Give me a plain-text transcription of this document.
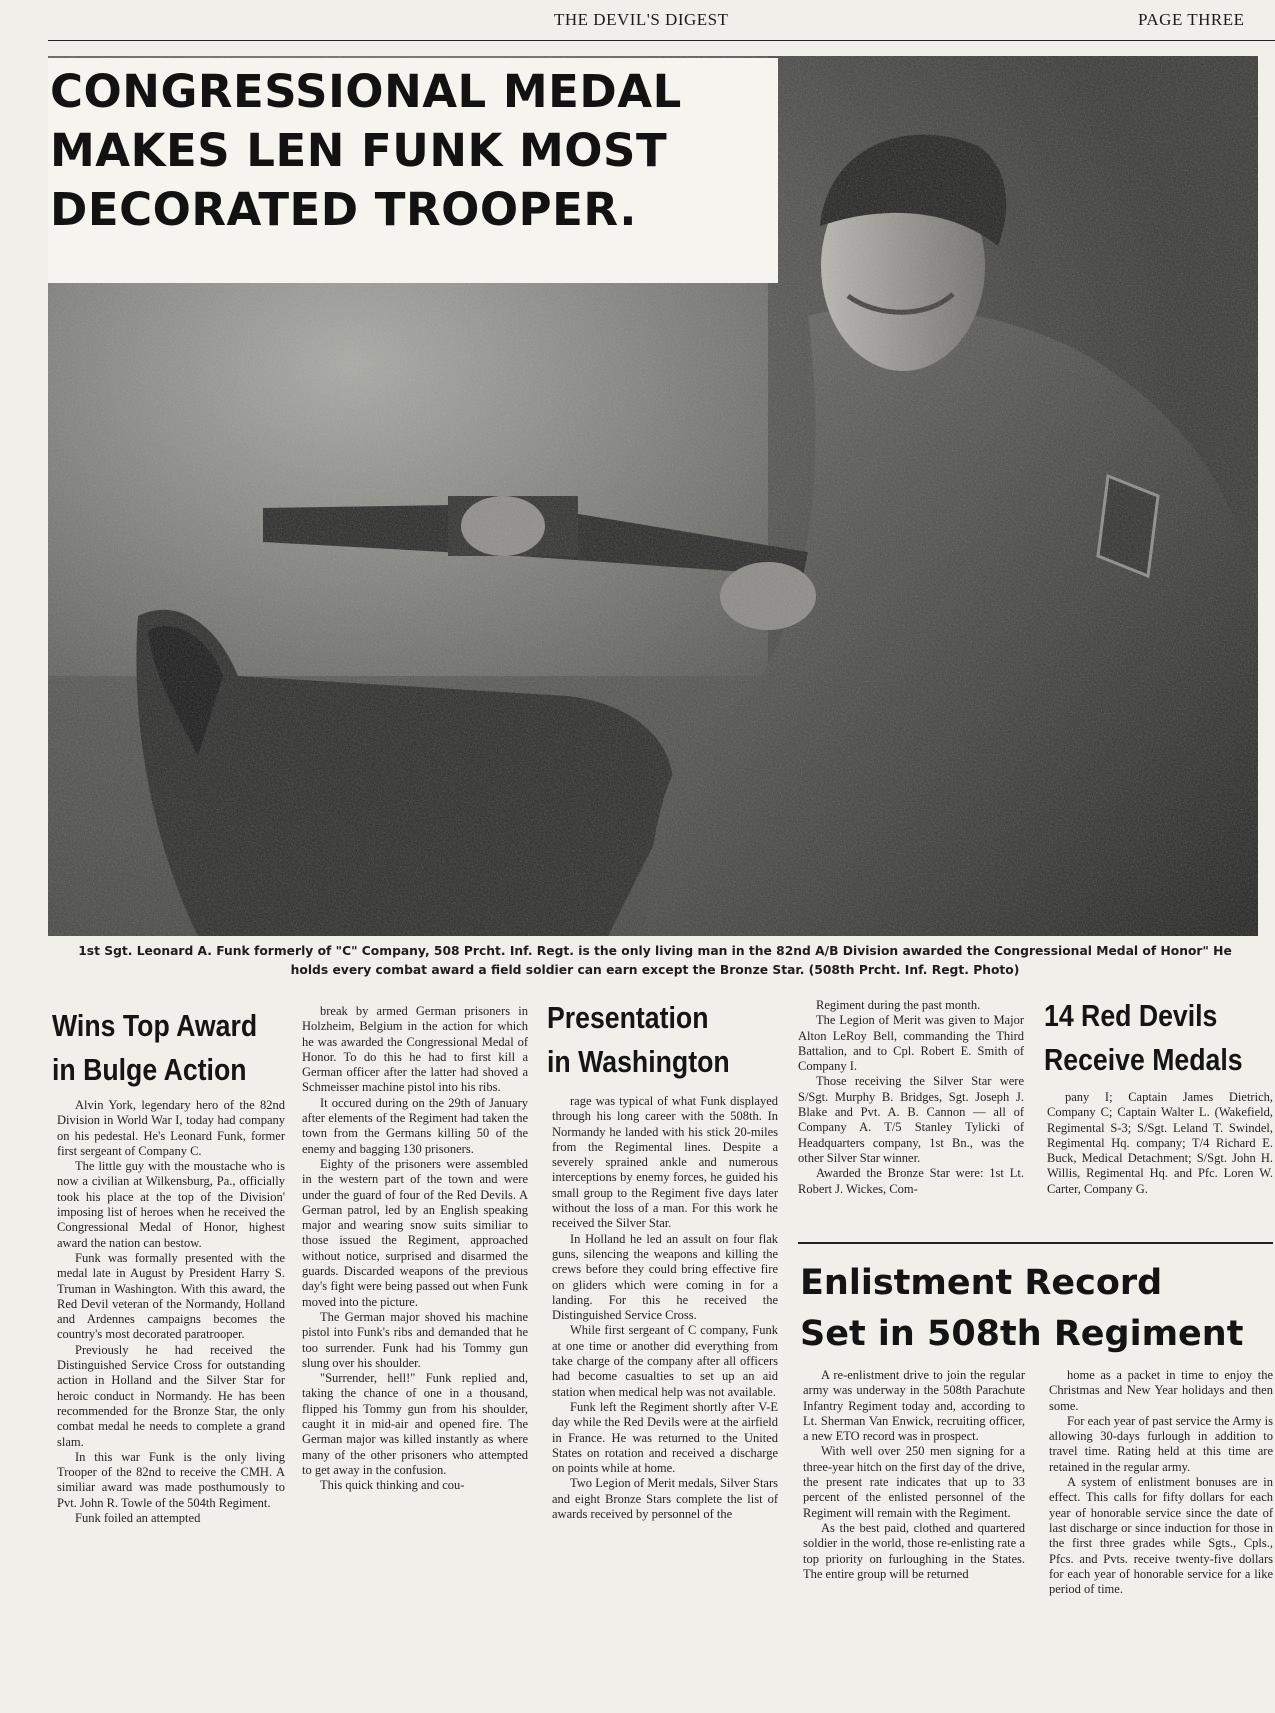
THE DEVIL'S DIGEST	PAGE THREE
CONGRESSIONAL MEDAL
MAKES LEN FUNK MOST
DECORATED TROOPER.
1st Sgt. Leonard A. Funk formerly of "C" Company, 508 Prcht. Inf. Regt. is the only living man in the 82nd A/B Division awarded the Congressional Medal of Honor" He holds every combat award a field soldier can earn except the Bronze Star. (508th Prcht. Inf. Regt. Photo)
Wins Top Award
in Bulge Action

Alvin York, legendary hero of the 82nd Division in World War I, today had company on his pedestal. He's Leonard Funk, former first sergeant of Company C.

The little guy with the moustache who is now a civilian at Wilkensburg, Pa., officially took his place at the top of the Division' imposing list of heroes when he received the Congressional Medal of Honor, highest award the nation can bestow.

Funk was formally presented with the medal late in August by President Harry S. Truman in Washington. With this award, the Red Devil veteran of the Normandy, Holland and Ardennes campaigns becomes the country's most decorated paratrooper.

Previously he had received the Distinguished Service Cross for outstanding action in Holland and the Silver Star for heroic conduct in Normandy. He has been recommended for the Bronze Star, the only combat medal he needs to complete a grand slam.

In this war Funk is the only living Trooper of the 82nd to receive the CMH. A similiar award was made posthumously to Pvt. John R. Towle of the 504th Regiment.

Funk foiled an attempted

break by armed German prisoners in Holzheim, Belgium in the action for which he was awarded the Congressional Medal of Honor. To do this he had to first kill a German officer after the latter had shoved a Schmeisser machine pistol into his ribs.

It occured during on the 29th of January after elements of the Regiment had taken the town from the Germans killing 50 of the enemy and bagging 130 prisoners.

Eighty of the prisoners were assembled in the western part of the town and were under the guard of four of the Red Devils. A German patrol, led by an English speaking major and wearing snow suits similiar to those issued the Regiment, approached without notice, surprised and disarmed the guards. Discarded weapons of the previous day's fight were being passed out when Funk moved into the picture.

The German major shoved his machine pistol into Funk's ribs and demanded that he too surrender. Funk had his Tommy gun slung over his shoulder.

"Surrender, hell!" Funk replied and, taking the chance of one in a thousand, flipped his Tommy gun from his shoulder, caught it in mid-air and opened fire. The German major was killed instantly as where many of the other prisoners who attempted to get away in the confusion.

This quick thinking and cou-

Presentation
in Washington

rage was typical of what Funk displayed through his long career with the 508th. In Normandy he landed with his stick 20-miles from the Regimental lines. Despite a severely sprained ankle and numerous interceptions by enemy forces, he guided his small group to the Regiment five days later without the loss of a man. For this work he received the Silver Star.

In Holland he led an assult on four flak guns, silencing the weapons and killing the crews before they could bring effective fire on gliders which were coming in for a landing. For this he received the Distinguished Service Cross.

While first sergeant of C company, Funk at one time or another did everything from take charge of the company after all officers had become casualties to set up an aid station when medical help was not available.

Funk left the Regiment shortly after V-E day while the Red Devils were at the airfield in France. He was returned to the United States on rotation and received a discharge on points while at home.

Two Legion of Merit medals, Silver Stars and eight Bronze Stars complete the list of awards received by personnel of the

Regiment during the past month.

The Legion of Merit was given to Major Alton LeRoy Bell, commanding the Third Battalion, and to Cpl. Robert E. Smith of Company I.

Those receiving the Silver Star were S/Sgt. Murphy B. Bridges, Sgt. Joseph J. Blake and Pvt. A. B. Cannon — all of Company A. T/5 Stanley Tylicki of Headquarters company, 1st Bn., was the other Silver Star winner.

Awarded the Bronze Star were: 1st Lt. Robert J. Wickes, Com-

14 Red Devils
Receive Medals

pany I; Captain James Dietrich, Company C; Captain Walter L. (Wakefield, Regimental S-3; S/Sgt. Leland T. Swindel, Regimental Hq. company; T/4 Richard E. Buck, Medical Detachment; S/Sgt. John H. Willis, Regimental Hq. and Pfc. Loren W. Carter, Company G.

Enlistment Record
Set in 508th Regiment

A re-enlistment drive to join the regular army was underway in the 508th Parachute Infantry Regiment today and, according to Lt. Sherman Van Enwick, recruiting officer, a new ETO record was in prospect.

With well over 250 men signing for a three-year hitch on the first day of the drive, the present rate indicates that up to 33 percent of the enlisted personnel of the Regiment will remain with the Regiment.

As the best paid, clothed and quartered soldier in the world, those re-enlisting rate a top priority on furloughing in the States. The entire group will be returned

home as a packet in time to enjoy the Christmas and New Year holidays and then some.

For each year of past service the Army is allowing 30-days furlough in addition to travel time. Rating held at this time are retained in the regular army.

A system of enlistment bonuses are in effect. This calls for fifty dollars for each year of honorable service since the date of last discharge or since induction for those in the first three grades while Sgts., Cpls., Pfcs. and Pvts. receive twenty-five dollars for each year of honorable service for a like period of time.
